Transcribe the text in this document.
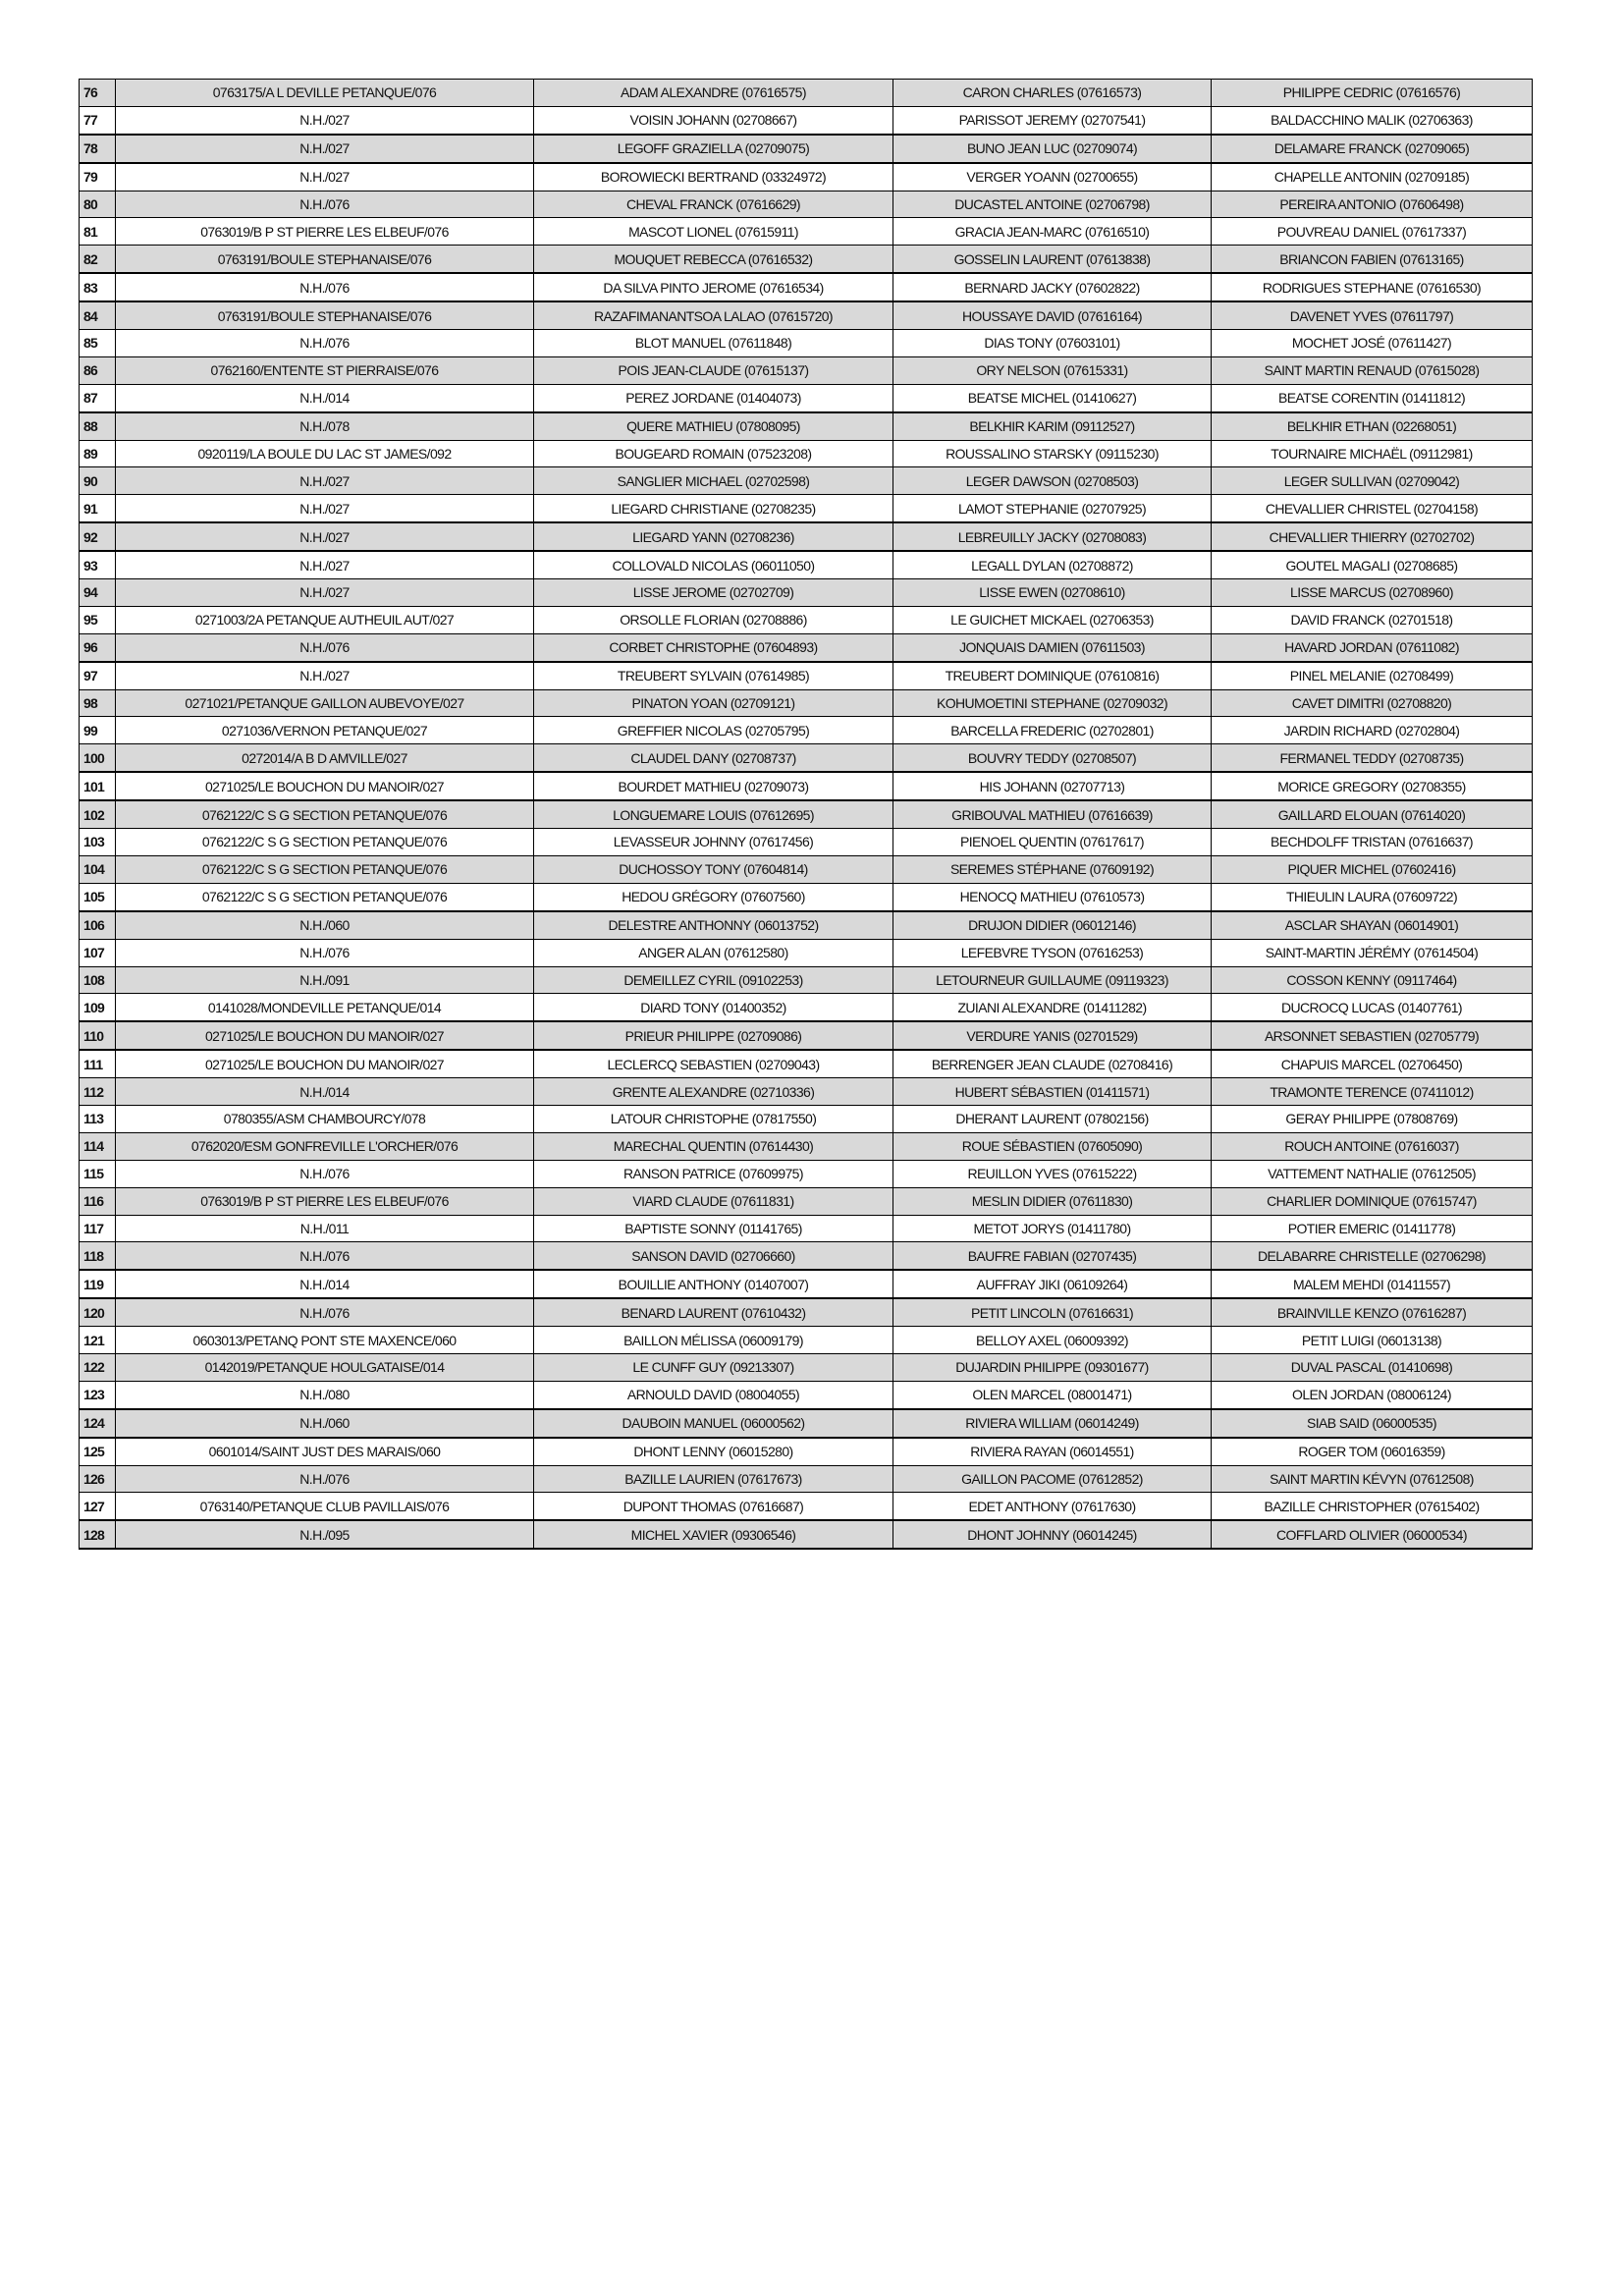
76	0763175/A L DEVILLE PETANQUE/076	ADAM ALEXANDRE (07616575)	CARON CHARLES (07616573)	PHILIPPE CEDRIC (07616576)
77	N.H./027	VOISIN JOHANN (02708667)	PARISSOT JEREMY (02707541)	BALDACCHINO MALIK (02706363)
78	N.H./027	LEGOFF GRAZIELLA (02709075)	BUNO JEAN LUC (02709074)	DELAMARE FRANCK (02709065)
79	N.H./027	BOROWIECKI BERTRAND (03324972)	VERGER YOANN (02700655)	CHAPELLE ANTONIN (02709185)
80	N.H./076	CHEVAL FRANCK (07616629)	DUCASTEL ANTOINE (02706798)	PEREIRA ANTONIO (07606498)
81	0763019/B P ST PIERRE LES ELBEUF/076	MASCOT LIONEL (07615911)	GRACIA JEAN-MARC (07616510)	POUVREAU DANIEL (07617337)
82	0763191/BOULE STEPHANAISE/076	MOUQUET REBECCA (07616532)	GOSSELIN LAURENT (07613838)	BRIANCON FABIEN (07613165)
83	N.H./076	DA SILVA PINTO JEROME (07616534)	BERNARD JACKY (07602822)	RODRIGUES STEPHANE (07616530)
84	0763191/BOULE STEPHANAISE/076	RAZAFIMANANTSOA LALAO (07615720)	HOUSSAYE DAVID (07616164)	DAVENET YVES (07611797)
85	N.H./076	BLOT MANUEL (07611848)	DIAS TONY (07603101)	MOCHET JOSÉ (07611427)
86	0762160/ENTENTE ST PIERRAISE/076	POIS JEAN-CLAUDE (07615137)	ORY NELSON (07615331)	SAINT MARTIN RENAUD (07615028)
87	N.H./014	PEREZ JORDANE (01404073)	BEATSE MICHEL (01410627)	BEATSE CORENTIN (01411812)
88	N.H./078	QUERE MATHIEU (07808095)	BELKHIR KARIM (09112527)	BELKHIR ETHAN (02268051)
89	0920119/LA BOULE DU LAC ST JAMES/092	BOUGEARD ROMAIN (07523208)	ROUSSALINO STARSKY (09115230)	TOURNAIRE MICHAËL (09112981)
90	N.H./027	SANGLIER MICHAEL (02702598)	LEGER DAWSON (02708503)	LEGER SULLIVAN (02709042)
91	N.H./027	LIEGARD CHRISTIANE (02708235)	LAMOT STEPHANIE (02707925)	CHEVALLIER CHRISTEL (02704158)
92	N.H./027	LIEGARD YANN (02708236)	LEBREUILLY JACKY (02708083)	CHEVALLIER THIERRY (02702702)
93	N.H./027	COLLOVALD NICOLAS (06011050)	LEGALL DYLAN (02708872)	GOUTEL MAGALI (02708685)
94	N.H./027	LISSE JEROME (02702709)	LISSE EWEN (02708610)	LISSE MARCUS (02708960)
95	0271003/2A PETANQUE AUTHEUIL AUT/027	ORSOLLE FLORIAN (02708886)	LE GUICHET MICKAEL (02706353)	DAVID FRANCK (02701518)
96	N.H./076	CORBET CHRISTOPHE (07604893)	JONQUAIS DAMIEN (07611503)	HAVARD JORDAN (07611082)
97	N.H./027	TREUBERT SYLVAIN (07614985)	TREUBERT DOMINIQUE (07610816)	PINEL MELANIE (02708499)
98	0271021/PETANQUE GAILLON AUBEVOYE/027	PINATON YOAN (02709121)	KOHUMOETINI STEPHANE (02709032)	CAVET DIMITRI (02708820)
99	0271036/VERNON PETANQUE/027	GREFFIER NICOLAS (02705795)	BARCELLA FREDERIC (02702801)	JARDIN RICHARD (02702804)
100	0272014/A B D AMVILLE/027	CLAUDEL DANY (02708737)	BOUVRY TEDDY (02708507)	FERMANEL TEDDY (02708735)
101	0271025/LE BOUCHON DU MANOIR/027	BOURDET MATHIEU (02709073)	HIS JOHANN (02707713)	MORICE GREGORY (02708355)
102	0762122/C S G SECTION PETANQUE/076	LONGUEMARE LOUIS (07612695)	GRIBOUVAL MATHIEU (07616639)	GAILLARD ELOUAN (07614020)
103	0762122/C S G SECTION PETANQUE/076	LEVASSEUR JOHNNY (07617456)	PIENOEL QUENTIN (07617617)	BECHDOLFF TRISTAN (07616637)
104	0762122/C S G SECTION PETANQUE/076	DUCHOSSOY TONY (07604814)	SEREMES STÉPHANE (07609192)	PIQUER MICHEL (07602416)
105	0762122/C S G SECTION PETANQUE/076	HEDOU GRÉGORY (07607560)	HENOCQ MATHIEU (07610573)	THIEULIN LAURA (07609722)
106	N.H./060	DELESTRE ANTHONNY (06013752)	DRUJON DIDIER (06012146)	ASCLAR SHAYAN (06014901)
107	N.H./076	ANGER ALAN (07612580)	LEFEBVRE TYSON (07616253)	SAINT-MARTIN JÉRÉMY (07614504)
108	N.H./091	DEMEILLEZ CYRIL (09102253)	LETOURNEUR GUILLAUME (09119323)	COSSON KENNY (09117464)
109	0141028/MONDEVILLE PETANQUE/014	DIARD TONY (01400352)	ZUIANI ALEXANDRE (01411282)	DUCROCQ LUCAS (01407761)
110	0271025/LE BOUCHON DU MANOIR/027	PRIEUR PHILIPPE (02709086)	VERDURE YANIS (02701529)	ARSONNET SEBASTIEN (02705779)
111	0271025/LE BOUCHON DU MANOIR/027	LECLERCQ SEBASTIEN (02709043)	BERRENGER JEAN CLAUDE (02708416)	CHAPUIS MARCEL (02706450)
112	N.H./014	GRENTE ALEXANDRE (02710336)	HUBERT SÉBASTIEN (01411571)	TRAMONTE TERENCE (07411012)
113	0780355/ASM CHAMBOURCY/078	LATOUR CHRISTOPHE (07817550)	DHERANT LAURENT (07802156)	GERAY PHILIPPE (07808769)
114	0762020/ESM GONFREVILLE L'ORCHER/076	MARECHAL QUENTIN (07614430)	ROUE SÉBASTIEN (07605090)	ROUCH ANTOINE (07616037)
115	N.H./076	RANSON PATRICE (07609975)	REUILLON YVES (07615222)	VATTEMENT NATHALIE (07612505)
116	0763019/B P ST PIERRE LES ELBEUF/076	VIARD CLAUDE (07611831)	MESLIN DIDIER (07611830)	CHARLIER DOMINIQUE (07615747)
117	N.H./011	BAPTISTE SONNY (01141765)	METOT JORYS (01411780)	POTIER EMERIC (01411778)
118	N.H./076	SANSON DAVID (02706660)	BAUFRE FABIAN (02707435)	DELABARRE CHRISTELLE (02706298)
119	N.H./014	BOUILLIE ANTHONY (01407007)	AUFFRAY JIKI (06109264)	MALEM MEHDI (01411557)
120	N.H./076	BENARD LAURENT (07610432)	PETIT LINCOLN (07616631)	BRAINVILLE KENZO (07616287)
121	0603013/PETANQ PONT STE MAXENCE/060	BAILLON MÉLISSA (06009179)	BELLOY AXEL (06009392)	PETIT LUIGI (06013138)
122	0142019/PETANQUE HOULGATAISE/014	LE CUNFF GUY (09213307)	DUJARDIN PHILIPPE (09301677)	DUVAL PASCAL (01410698)
123	N.H./080	ARNOULD DAVID (08004055)	OLEN MARCEL (08001471)	OLEN JORDAN (08006124)
124	N.H./060	DAUBOIN MANUEL (06000562)	RIVIERA WILLIAM (06014249)	SIAB SAID (06000535)
125	0601014/SAINT JUST DES MARAIS/060	DHONT LENNY (06015280)	RIVIERA RAYAN (06014551)	ROGER TOM (06016359)
126	N.H./076	BAZILLE LAURIEN (07617673)	GAILLON PACOME (07612852)	SAINT MARTIN KÉVYN (07612508)
127	0763140/PETANQUE CLUB PAVILLAIS/076	DUPONT THOMAS (07616687)	EDET ANTHONY (07617630)	BAZILLE CHRISTOPHER (07615402)
128	N.H./095	MICHEL XAVIER (09306546)	DHONT JOHNNY (06014245)	COFFLARD OLIVIER (06000534)
